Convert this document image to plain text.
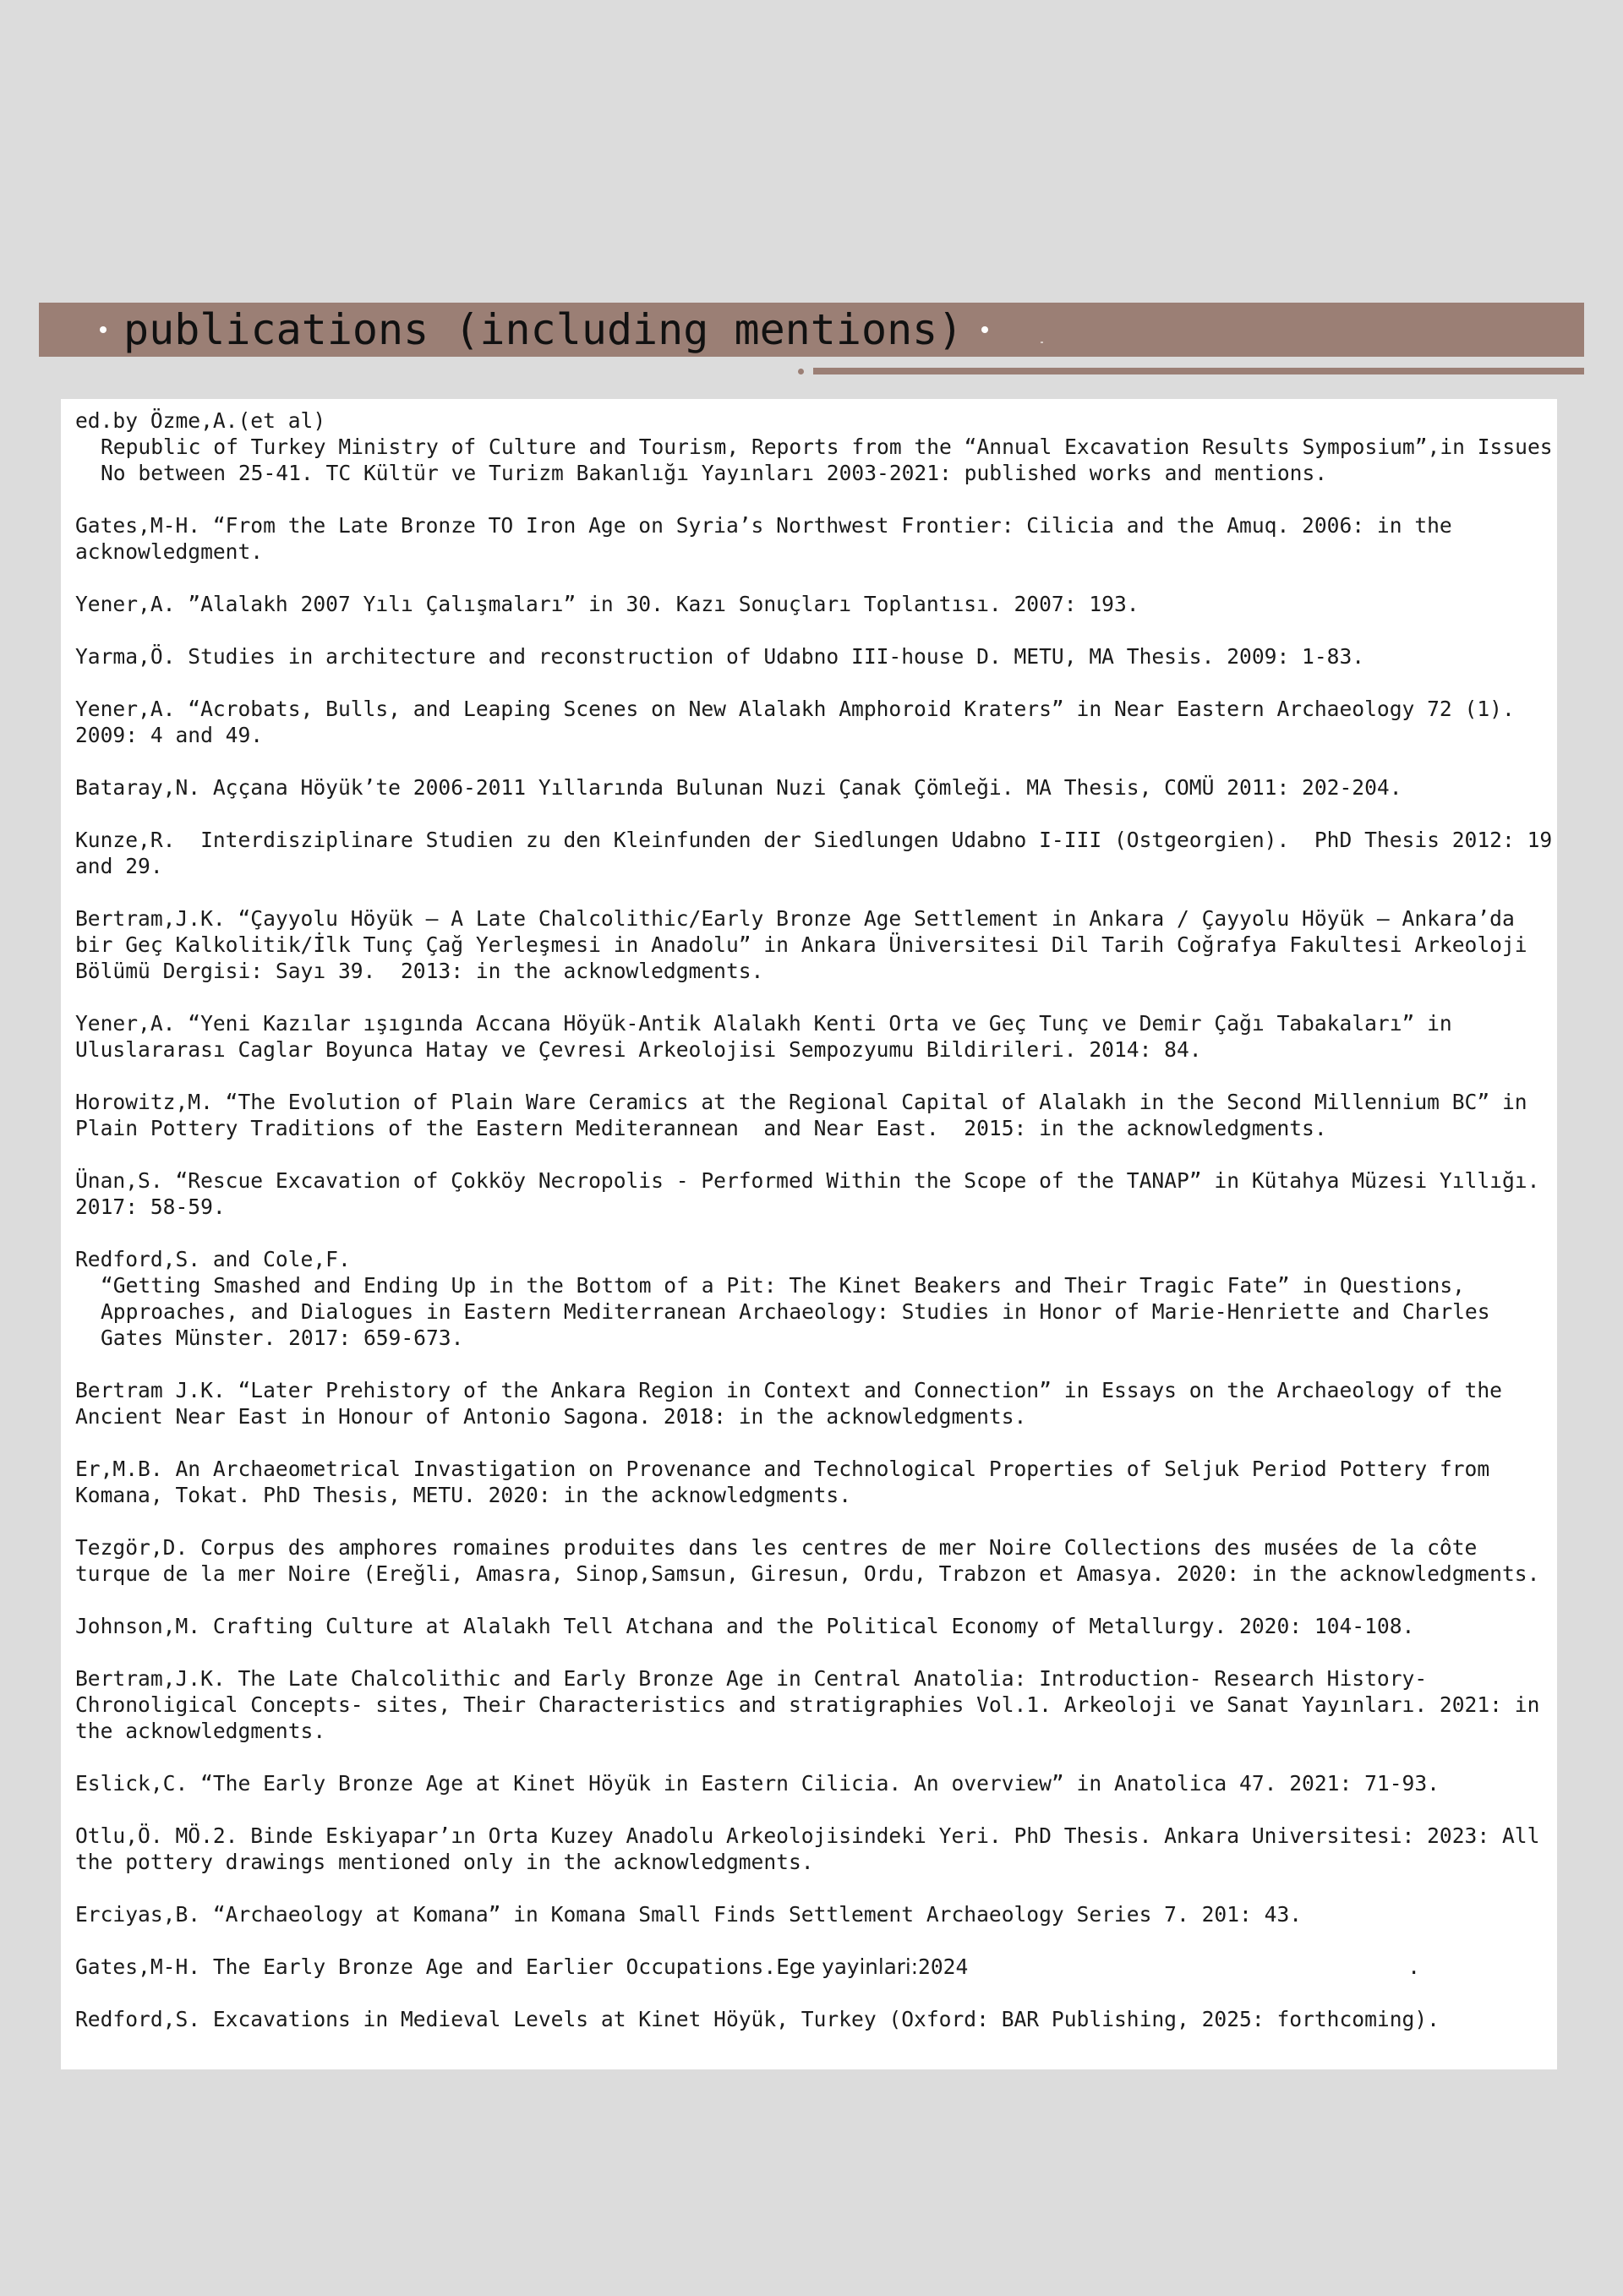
publications (including mentions)

ed.by Özme,A.(et al)
Republic of Turkey Ministry of Culture and Tourism, Reports from the “Annual Excavation Results Symposium”,in Issues No between 25-41. TC Kültür ve Turizm Bakanlığı Yayınları 2003-2021: published works and mentions.

Gates,M-H. “From the Late Bronze TO Iron Age on Syria’s Northwest Frontier: Cilicia and the Amuq. 2006: in the acknowledgment.

Yener,A. ”Alalakh 2007 Yılı Çalışmaları” in 30. Kazı Sonuçları Toplantısı. 2007: 193.

Yarma,Ö. Studies in architecture and reconstruction of Udabno III-house D. METU, MA Thesis. 2009: 1-83.

Yener,A. “Acrobats, Bulls, and Leaping Scenes on New Alalakh Amphoroid Kraters” in Near Eastern Archaeology 72 (1). 2009: 4 and 49.

Bataray,N. Aççana Höyük’te 2006-2011 Yıllarında Bulunan Nuzi Çanak Çömleği. MA Thesis, COMÜ 2011: 202-204.

Kunze,R.  Interdisziplinare Studien zu den Kleinfunden der Siedlungen Udabno I-III (Ostgeorgien).  PhD Thesis 2012: 19 and 29.

Bertram,J.K. “Çayyolu Höyük – A Late Chalcolithic/Early Bronze Age Settlement in Ankara / Çayyolu Höyük – Ankara’da bir Geç Kalkolitik/İlk Tunç Çağ Yerleşmesi in Anadolu” in Ankara Üniversitesi Dil Tarih Coğrafya Fakultesi Arkeoloji Bölümü Dergisi: Sayı 39.  2013: in the acknowledgments.

Yener,A. “Yeni Kazılar ışıgında Accana Höyük-Antik Alalakh Kenti Orta ve Geç Tunç ve Demir Çağı Tabakaları” in Uluslararası Caglar Boyunca Hatay ve Çevresi Arkeolojisi Sempozyumu Bildirileri. 2014: 84.

Horowitz,M. “The Evolution of Plain Ware Ceramics at the Regional Capital of Alalakh in the Second Millennium BC” in Plain Pottery Traditions of the Eastern Mediterannean  and Near East.  2015: in the acknowledgments.

Ünan,S. “Rescue Excavation of Çokköy Necropolis - Performed Within the Scope of the TANAP” in Kütahya Müzesi Yıllığı. 2017: 58-59.

Redford,S. and Cole,F.
“Getting Smashed and Ending Up in the Bottom of a Pit: The Kinet Beakers and Their Tragic Fate” in Questions, Approaches, and Dialogues in Eastern Mediterranean Archaeology: Studies in Honor of Marie-Henriette and Charles Gates Münster. 2017: 659-673.

Bertram J.K. “Later Prehistory of the Ankara Region in Context and Connection” in Essays on the Archaeology of the Ancient Near East in Honour of Antonio Sagona. 2018: in the acknowledgments.

Er,M.B. An Archaeometrical Invastigation on Provenance and Technological Properties of Seljuk Period Pottery from Komana, Tokat. PhD Thesis, METU. 2020: in the acknowledgments.

Tezgör,D. Corpus des amphores romaines produites dans les centres de mer Noire Collections des musées de la côte turque de la mer Noire (Ereğli, Amasra, Sinop,Samsun, Giresun, Ordu, Trabzon et Amasya. 2020: in the acknowledgments.

Johnson,M. Crafting Culture at Alalakh Tell Atchana and the Political Economy of Metallurgy. 2020: 104-108.

Bertram,J.K. The Late Chalcolithic and Early Bronze Age in Central Anatolia: Introduction- Research History- Chronoligical Concepts- sites, Their Characteristics and stratigraphies Vol.1. Arkeoloji ve Sanat Yayınları. 2021: in the acknowledgments.

Eslick,C. “The Early Bronze Age at Kinet Höyük in Eastern Cilicia. An overview” in Anatolica 47. 2021: 71-93.

Otlu,Ö. MÖ.2. Binde Eskiyapar’ın Orta Kuzey Anadolu Arkeolojisindeki Yeri. PhD Thesis. Ankara Universitesi: 2023: All the pottery drawings mentioned only in the acknowledgments.

Erciyas,B. “Archaeology at Komana” in Komana Small Finds Settlement Archaeology Series 7. 201: 43.

Gates,M-H. The Early Bronze Age and Earlier Occupations.Ege yayinlari:2024	.

Redford,S. Excavations in Medieval Levels at Kinet Höyük, Turkey (Oxford: BAR Publishing, 2025: forthcoming).
